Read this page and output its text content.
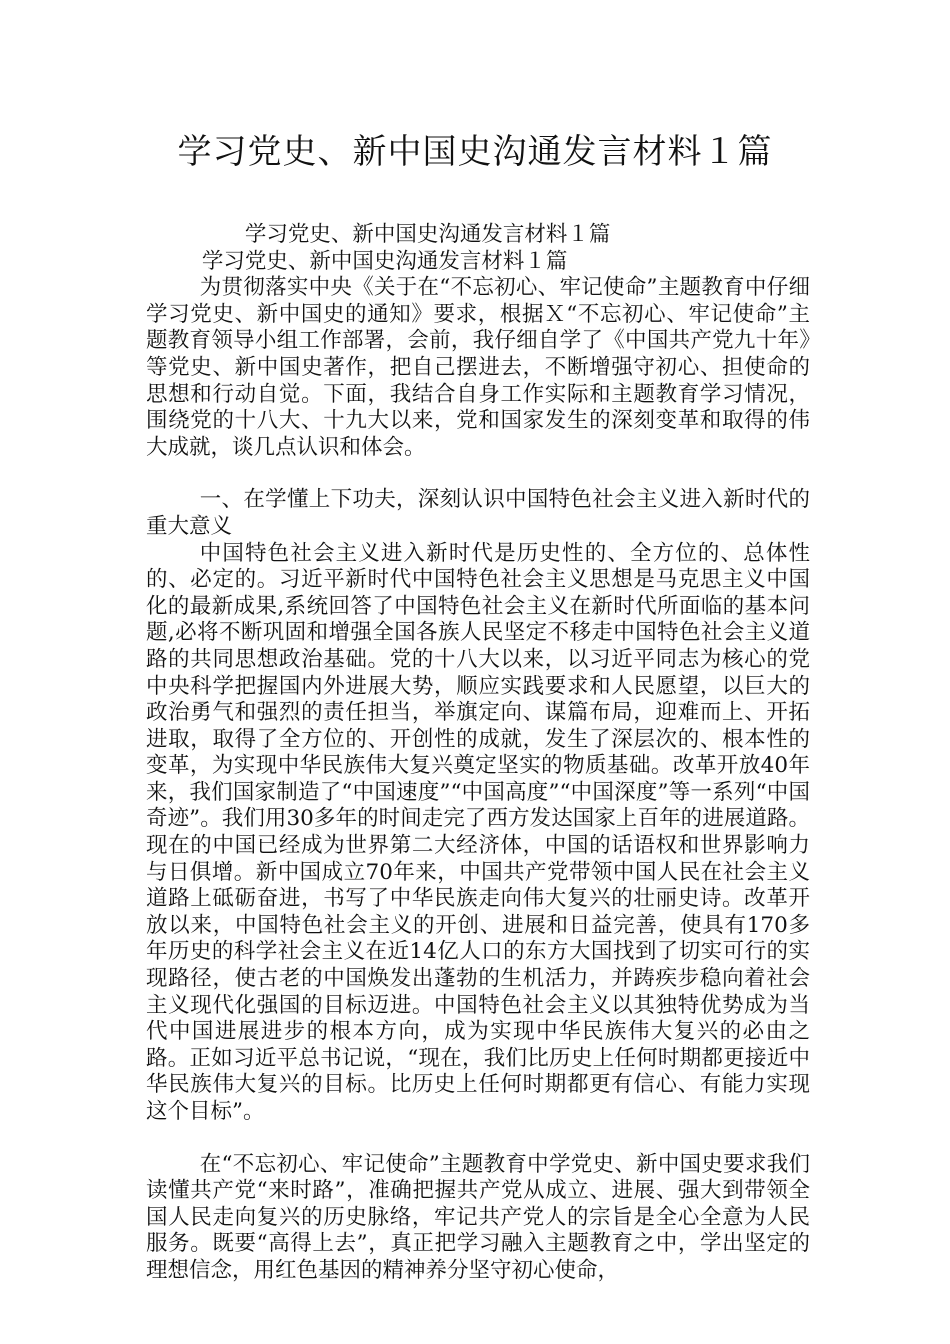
学习党史、新中国史沟通发言材料１篇

学习党史、新中国史沟通发言材料１篇

学习党史、新中国史沟通发言材料１篇

为贯彻落实中央《关于在“不忘初心、牢记使命”主题教育中仔细学习党史、新中国史的通知》要求，根据Ｘ“不忘初心、牢记使命”主题教育领导小组工作部署，会前，我仔细自学了《中国共产党九十年》等党史、新中国史著作，把自己摆进去，不断增强守初心、担使命的思想和行动自觉。下面，我结合自身工作实际和主题教育学习情况，围绕党的十八大、十九大以来，党和国家发生的深刻变革和取得的伟大成就，谈几点认识和体会。

一、在学懂上下功夫，深刻认识中国特色社会主义进入新时代的重大意义

中国特色社会主义进入新时代是历史性的、全方位的、总体性的、必定的。习近平新时代中国特色社会主义思想是马克思主义中国化的最新成果,系统回答了中国特色社会主义在新时代所面临的基本问题,必将不断巩固和增强全国各族人民坚定不移走中国特色社会主义道路的共同思想政治基础。党的十八大以来，以习近平同志为核心的党中央科学把握国内外进展大势，顺应实践要求和人民愿望，以巨大的政治勇气和强烈的责任担当，举旗定向、谋篇布局，迎难而上、开拓进取，取得了全方位的、开创性的成就，发生了深层次的、根本性的变革，为实现中华民族伟大复兴奠定坚实的物质基础。改革开放40年来，我们国家制造了“中国速度”“中国高度”“中国深度”等一系列“中国奇迹”。我们用30多年的时间走完了西方发达国家上百年的进展道路。现在的中国已经成为世界第二大经济体，中国的话语权和世界影响力与日俱增。新中国成立70年来，中国共产党带领中国人民在社会主义道路上砥砺奋进，书写了中华民族走向伟大复兴的壮丽史诗。改革开放以来，中国特色社会主义的开创、进展和日益完善，使具有170多年历史的科学社会主义在近14亿人口的东方大国找到了切实可行的实现路径，使古老的中国焕发出蓬勃的生机活力，并踌疾步稳向着社会主义现代化强国的目标迈进。中国特色社会主义以其独特优势成为当代中国进展进步的根本方向，成为实现中华民族伟大复兴的必由之路。正如习近平总书记说，“现在，我们比历史上任何时期都更接近中华民族伟大复兴的目标。比历史上任何时期都更有信心、有能力实现这个目标”。

在“不忘初心、牢记使命”主题教育中学党史、新中国史要求我们读懂共产党“来时路”，准确把握共产党从成立、进展、强大到带领全国人民走向复兴的历史脉络，牢记共产党人的宗旨是全心全意为人民服务。既要“高得上去”，真正把学习融入主题教育之中，学出坚定的理想信念，用红色基因的精神养分坚守初心使命，
